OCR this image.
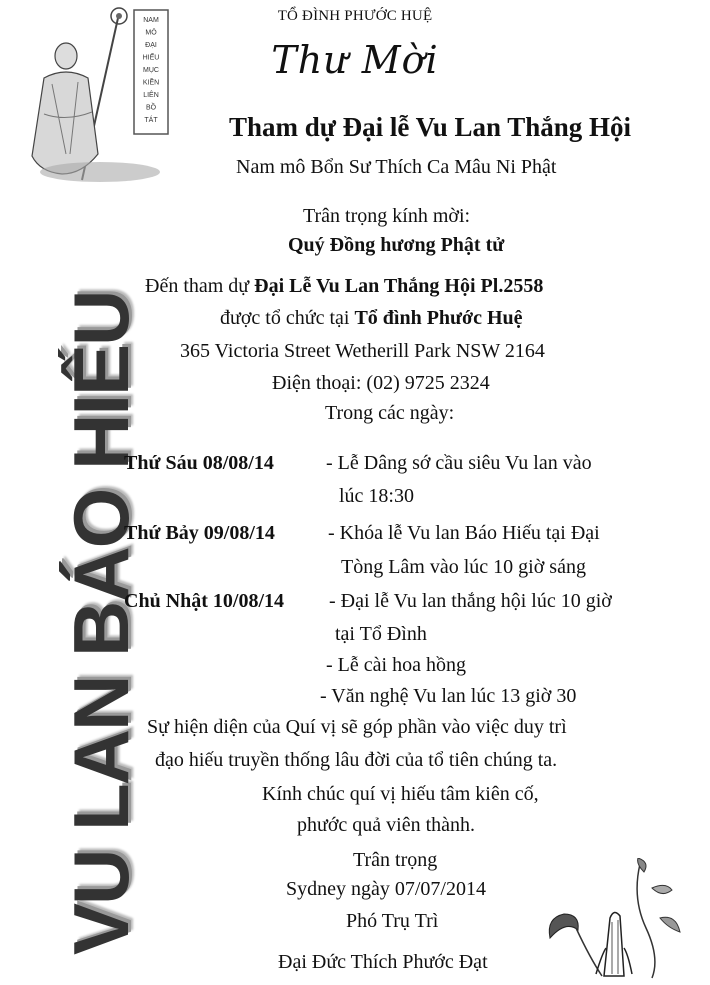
NAM
MÔ
ĐẠI
HIẾU
MỤC
KIỀN
LIÊN
BỒ
TÁT
TỔ ĐÌNH PHƯỚC HUỆ
Thư Mời
Tham dự Đại lễ Vu Lan Thắng Hội
VU LAN BÁO HIẾU
Nam mô Bổn Sư Thích Ca Mâu Ni Phật
Trân trọng kính mời:
Quý Đồng hương Phật tử
Đến tham dự Đại Lễ Vu Lan Thắng Hội Pl.2558
được tổ chức tại Tổ đình Phước Huệ
365 Victoria Street Wetherill Park NSW 2164
Điện thoại: (02) 9725 2324
Trong các ngày:
Thứ Sáu 08/08/14	- Lễ Dâng sớ cầu siêu Vu lan vào
lúc 18:30
Thứ Bảy 09/08/14	- Khóa lễ Vu lan Báo Hiếu tại Đại
Tòng Lâm vào lúc 10 giờ sáng
Chủ Nhật 10/08/14 - Đại lễ Vu lan thắng hội lúc 10 giờ
tại Tổ Đình
- Lễ cài hoa hồng
- Văn nghệ Vu lan lúc 13 giờ 30
Sự hiện diện của Quí vị sẽ góp phần vào việc duy trì
đạo hiếu truyền thống lâu đời của tổ tiên chúng ta.
Kính chúc quí vị hiếu tâm kiên cố,
phước quả viên thành.
Trân trọng
Sydney ngày 07/07/2014
Phó Trụ Trì
Đại Đức Thích Phước Đạt
